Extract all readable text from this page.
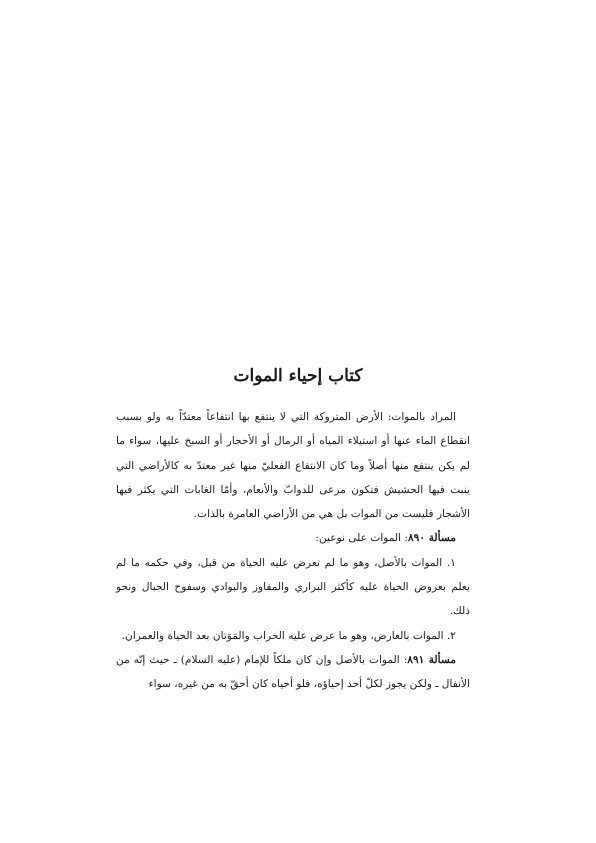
كتاب إحياء الموات

المراد بالموات: الأرض المتروكة التي لا ينتفع بها انتفاعاً معتدّاً به ولو بسبب انقطاع الماء عنها أو استيلاء المياه أو الرمال أو الأحجار أو السبخ عليها، سواء ما لم يكن ينتفع منها أصلاً وما كان الانتفاع الفعليّ منها غير معتدّ به كالأراضي التي ينبت فيها الحشيش فتكون مرعى للدوابّ والأنعام، وأمّا الغابات التي يكثر فيها الأشجار فليست من الموات بل هي من الأراضي العامرة بالذات.

مسألة ٨٩٠: الموات على نوعين:

١. الموات بالأصل، وهو ما لم تعرض عليه الحياة من قبل، وفي حكمه ما لم يعلم بعروض الحياة عليه كأكثر البراري والمفاوز والبوادي وسفوح الجبال ونحو ذلك.

٢. الموات بالعارض، وهو ما عرض عليه الخراب والمَوَتان بعد الحياة والعمران.

مسألة ٨٩١: الموات بالأصل وإن كان ملكاً للإمام (عليه السلام) ـ حيث إنّه من الأنفال ـ ولكن يجوز لكلّ أحد إحياؤه، فلو أحياه كان أحقّ به من غيره، سواء
